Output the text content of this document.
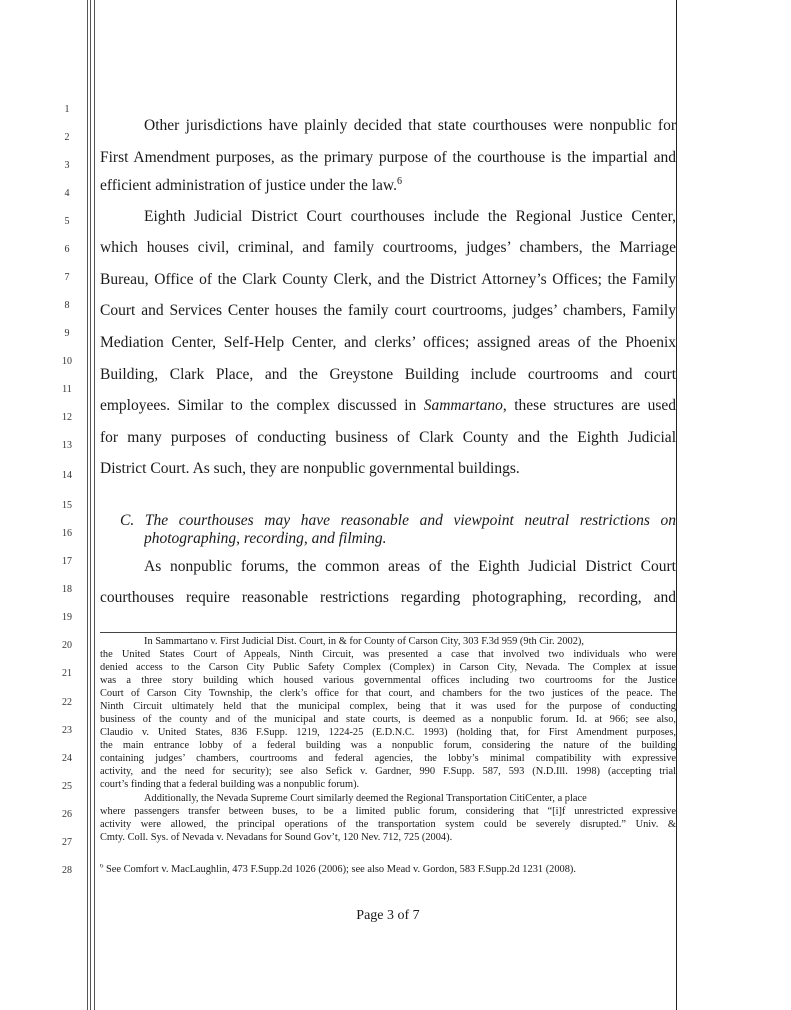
1
2
3
4
5
6
7
8
9
10
11
12
13
14
15
16
17
18
19
20
21
22
23
24
25
26
27
28
Other jurisdictions have plainly decided that state courthouses were nonpublic for
First Amendment purposes, as the primary purpose of the courthouse is the impartial and
efficient administration of justice under the law.$^6$
Eighth Judicial District Court courthouses include the Regional Justice Center,
which houses civil, criminal, and family courtrooms, judges’ chambers, the Marriage
Bureau, Office of the Clark County Clerk, and the District Attorney’s Offices; the Family
Court and Services Center houses the family court courtrooms, judges’ chambers, Family
Mediation Center, Self-Help Center, and clerks’ offices; assigned areas of the Phoenix
Building, Clark Place, and the Greystone Building include courtrooms and court
employees. Similar to the complex discussed in Sammartano, these structures are used
for many purposes of conducting business of Clark County and the Eighth Judicial
District Court. As such, they are nonpublic governmental buildings.
C. The courthouses may have reasonable and viewpoint neutral restrictions on
photographing, recording, and filming.
As nonpublic forums, the common areas of the Eighth Judicial District Court
courthouses require reasonable restrictions regarding photographing, recording, and
In Sammartano v. First Judicial Dist. Court, in & for County of Carson City, 303 F.3d 959 (9th Cir. 2002),
the United States Court of Appeals, Ninth Circuit, was presented a case that involved two individuals who were
denied access to the Carson City Public Safety Complex (Complex) in Carson City, Nevada. The Complex at issue
was a three story building which housed various governmental offices including two courtrooms for the Justice
Court of Carson City Township, the clerk’s office for that court, and chambers for the two justices of the peace. The
Ninth Circuit ultimately held that the municipal complex, being that it was used for the purpose of conducting
business of the county and of the municipal and state courts, is deemed as a nonpublic forum. Id. at 966; see also,
Claudio v. United States, 836 F.Supp. 1219, 1224-25 (E.D.N.C. 1993) (holding that, for First Amendment purposes,
the main entrance lobby of a federal building was a nonpublic forum, considering the nature of the building
containing judges’ chambers, courtrooms and federal agencies, the lobby’s minimal compatibility with expressive
activity, and the need for security); see also Sefick v. Gardner, 990 F.Supp. 587, 593 (N.D.Ill. 1998) (accepting trial
court’s finding that a federal building was a nonpublic forum).
Additionally, the Nevada Supreme Court similarly deemed the Regional Transportation CitiCenter, a place
where passengers transfer between buses, to be a limited public forum, considering that “[i]f unrestricted expressive
activity were allowed, the principal operations of the transportation system could be severely disrupted.” Univ. &
Cmty. Coll. Sys. of Nevada v. Nevadans for Sound Gov’t, 120 Nev. 712, 725 (2004).
$^6$ See Comfort v. MacLaughlin, 473 F.Supp.2d 1026 (2006); see also Mead v. Gordon, 583 F.Supp.2d 1231 (2008).
Page 3 of 7
